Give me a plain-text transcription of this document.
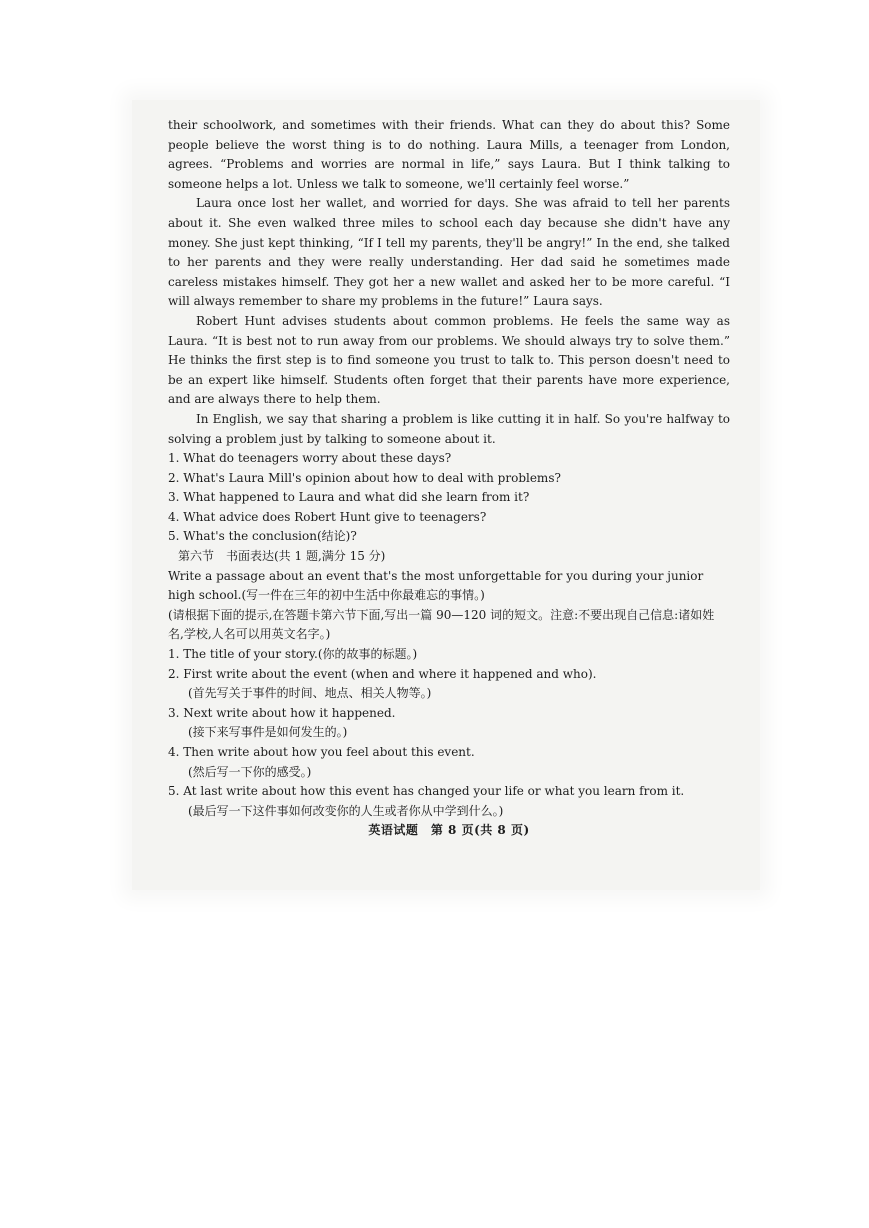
their schoolwork, and sometimes with their friends. What can they do about this? Some people believe the worst thing is to do nothing. Laura Mills, a teenager from London, agrees. “Problems and worries are normal in life,” says Laura. But I think talking to someone helps a lot. Unless we talk to someone, we'll certainly feel worse.”

Laura once lost her wallet, and worried for days. She was afraid to tell her parents about it. She even walked three miles to school each day because she didn't have any money. She just kept thinking, “If I tell my parents, they'll be angry!” In the end, she talked to her parents and they were really understanding. Her dad said he sometimes made careless mistakes himself. They got her a new wallet and asked her to be more careful. “I will always remember to share my problems in the future!” Laura says.

Robert Hunt advises students about common problems. He feels the same way as Laura. “It is best not to run away from our problems. We should always try to solve them.” He thinks the first step is to find someone you trust to talk to. This person doesn't need to be an expert like himself. Students often forget that their parents have more experience, and are always there to help them.

In English, we say that sharing a problem is like cutting it in half. So you're halfway to solving a problem just by talking to someone about it.

1. What do teenagers worry about these days?

2. What's Laura Mill's opinion about how to deal with problems?

3. What happened to Laura and what did she learn from it?

4. What advice does Robert Hunt give to teenagers?

5. What's the conclusion(结论)?

第六节　书面表达(共 1 题,满分 15 分)

Write a passage about an event that's the most unforgettable for you during your junior high school.(写一件在三年的初中生活中你最难忘的事情。)

(请根据下面的提示,在答题卡第六节下面,写出一篇 90—120 词的短文。注意:不要出现自己信息:诸如姓名,学校,人名可以用英文名字。)

1. The title of your story.(你的故事的标题。)

2. First write about the event (when and where it happened and who).

(首先写关于事件的时间、地点、相关人物等。)

3. Next write about how it happened.

(接下来写事件是如何发生的。)

4. Then write about how you feel about this event.

(然后写一下你的感受。)

5. At last write about how this event has changed your life or what you learn from it.

(最后写一下这件事如何改变你的人生或者你从中学到什么。)

英语试题　第 8 页(共 8 页)
